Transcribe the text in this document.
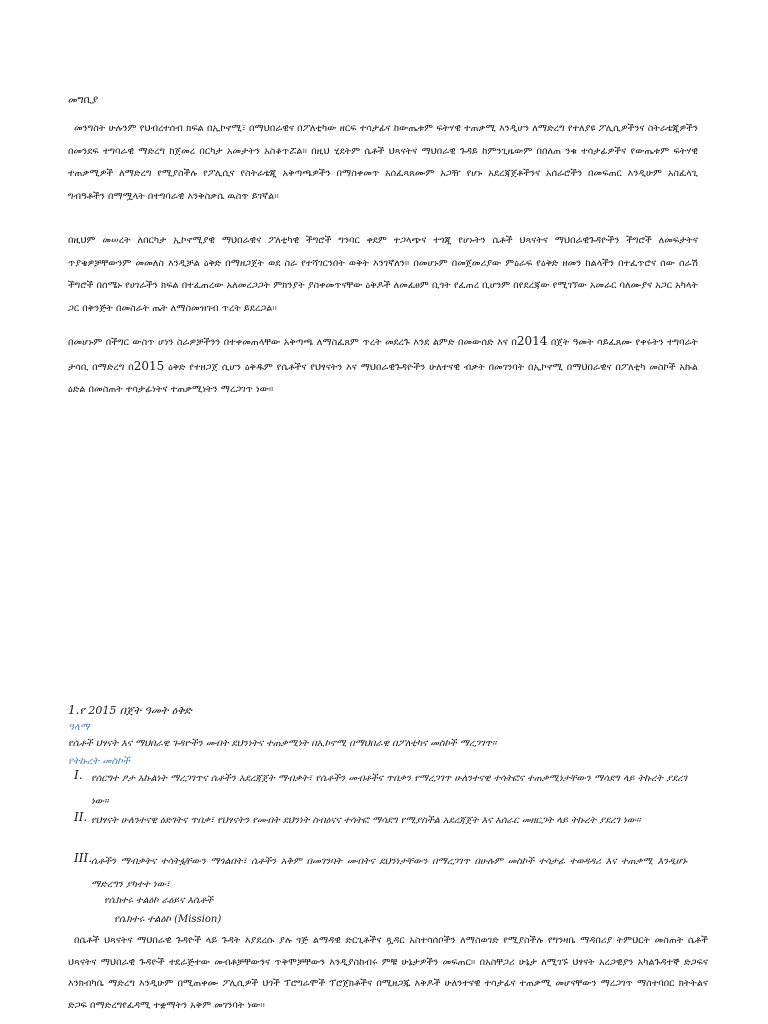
መግቢያ
መንግስት ሁሉንም የህብረተሰብ ክፍል በኢኮኖሚ፣ በማህበራዊና በፖለቲካው ዘርፍ ተሳታፊና ከውጤቱም ፍትሃዊ ተጠቃሚ እንዲሆን ለማድረግ የተለያዩ ፖሊሲዎችንና ስትራቴጂዎችን በመንደፍ ተግባራዊ ማድረግ ከጀመረ በርካታ አመታትን አስቆጥሯል። በዚህ ሂደትም ሴቶች ህጻናትና ማህበራዊ ጉዳይ ከምንጊዜውም በበለጠ ንቁ ተሳታፊዎችና የውጤቱም ፍትሃዊ ተጠቃሚዎች ለማድረግ የሚያስችሉ የፖሊሲና የስትራቴጂ አቅጣጫዎችን በማስቀመጥ አሰፈጻጸሙም አጋዥ የሆኑ አደረጃጀቶችንና አሰራሮችን በመፍጠር እንዲሁም አስፈላጊ ግብዓቶችን በማሟላት በተግባራዊ እንቅስቃሴ ዉስጥ ይገኛል።
በዚህም መሠረት ለበርካታ ኢኮኖሚያዊ ማህበራዊና ፖለቲካዊ ችግሮች ግንባር ቀደም ተጋላጭና ተጎጂ የሆኑትን ሴቶች ህጻናትና ማህበራዊጉዳዮችን ችግሮች ለመፍታትና ጥያቄዎቻቸውንም መመለስ እንዲቻል ዕቅድ በማዘጋጀት ወደ ስራ የተሻገርንበት ወቅት እንገኛለን። በመሆኑም በመጀመሪያው ምዕራፍ የዕቅድ ዘመን ከልላችን በተፈጥሮና ሰው ሰራሽ ችግሮች በሰሜኑ የሀገራችን ክፍል በተፈጠረው አለመረጋጋት ምክንያት ያስቀመጥናቸው ዕቅዶች ለመፈፀም ቢጎት የፈጠረ ቢሆንም በየደረጃው የሚገኘው አመራር ባለሙያና አጋር አካላት ጋር በቅንጅት በመስራት ጤት ለማስመዝገብ ጥረት ይደረጋል።
በመሆኑም በችግር ውስጥ ሆነን ስራዎቻችንን በተቀመጠላቸው አቅጣጫ ለማስፈጸም ጥረት መደረጉ እንደ ልምድ በመውሰድ እና በ2014 በጀት ዓመት ሳይፈጸሙ የቀሩትን ተግባራት ታሳቢ በማድረግ በ2015 ዕቅድ የተዘጋጀ ሲሆን ዕቅዱም የሴቶችና የህፃናትን እና ማህበራዊጉዳዮችን ሁለተናዊ ብቃት በመገንባት በኢኮኖሚ በማህበራዊና በፖለቲካ መስኮች አኩል ዕድል በመስጠት ተሳታፊነትና ተጠቃሚነትን ማረጋገጥ ነው።
1.የ 2015 በጀት ዓመት ዕቅድ
ዓላማ
የሴቶች ህፃናት እና ማህበራዊ ጉዳዮችን መብት ደህንነትና ተጠቃሚነት በኢኮኖሚ በማህበራዊ በፖለቲካና መስኮች ማረጋገጥ።
የትኩረት መስኮች
I. የሰርግተ ፆታ አኩልነት ማረጋገጥና ሴቶችን አደረጃጀት ማብቃት፣ የሴቶችን መብቶችና ጥበቃን የማረጋገጥ ሁለንተናዊ ተሳትፎና ተጠቃሚነታቸውን ማሳደግ ላይ ትኩረት ያደረገ ነው።
II. የህፃናት ሁለንተናዊ ዕድገትና ጥበቃ፣ የህፃናትን የመብት ደህንነት ስብዕናና ተሳትፎ ማሳደግ የሚያስችል አደረጃጀት እና አሰራር መዘርጋት ላይ ትኩረት ያደረገ ነው።
III.
ሴቶችን ማብቃትና ተሳትፏቸውን ማጎልበት፣ ሴቶችን አቅም በመገንባት መብትና ደህንነታቸውን በማረጋገጥ በሁሉም መስኮች ተሳታፊ ተወዳዳሪ እና ተጠቃሚ እንዲሆኑ ማድረግን ያካተተ ነው፣
የሴክተሩ ተልዕኮ ራዕይና እሴቶች
የሴክተሩ ተልዕኮ (Mission)
በሴቶች ህጻናትና ማህበራዊ ጉዳዮች ላይ ጉዳት እያደረሱ ያሉ ጎጅ ልማዳዊ ድርጊቶችና ጷዳር አስተሳሰቦችን ለማስወገድ የሚያስችሉ የግንዛቤ ማዳበሪያ ትምህርት መስጠት ሴቶች ህጻናትና ማህበራዊ ጉዳዮች ተደራጅተው መብቶቻቸውንና ጥቅሞቻቸውን እንዲያስከብሩ ምቹ ሁኔታዎችን መፍጠር። በአስቸጋሪ ሁኔታ ለሚገኙ ህፃናት አረጋዊያን አካልጉዳተኞ ድጋፍና እንክብካቤ ማድረግ እንዲሁም በሚጠቀሙ ፖሊሲዎች ህጎች ፕሮግራሞች ፕሮጀክቶችና በሚዘጋጁ እቅዶች ሁለንተናዊ ተሳታፊና ተጠቃሚ መሆናቸውን ማረጋገጥ ማስተባበር ክትትልና ድጋፍ በማድረግየፈዳሚ ተቋማትን አቅም መገንባት ነው።
